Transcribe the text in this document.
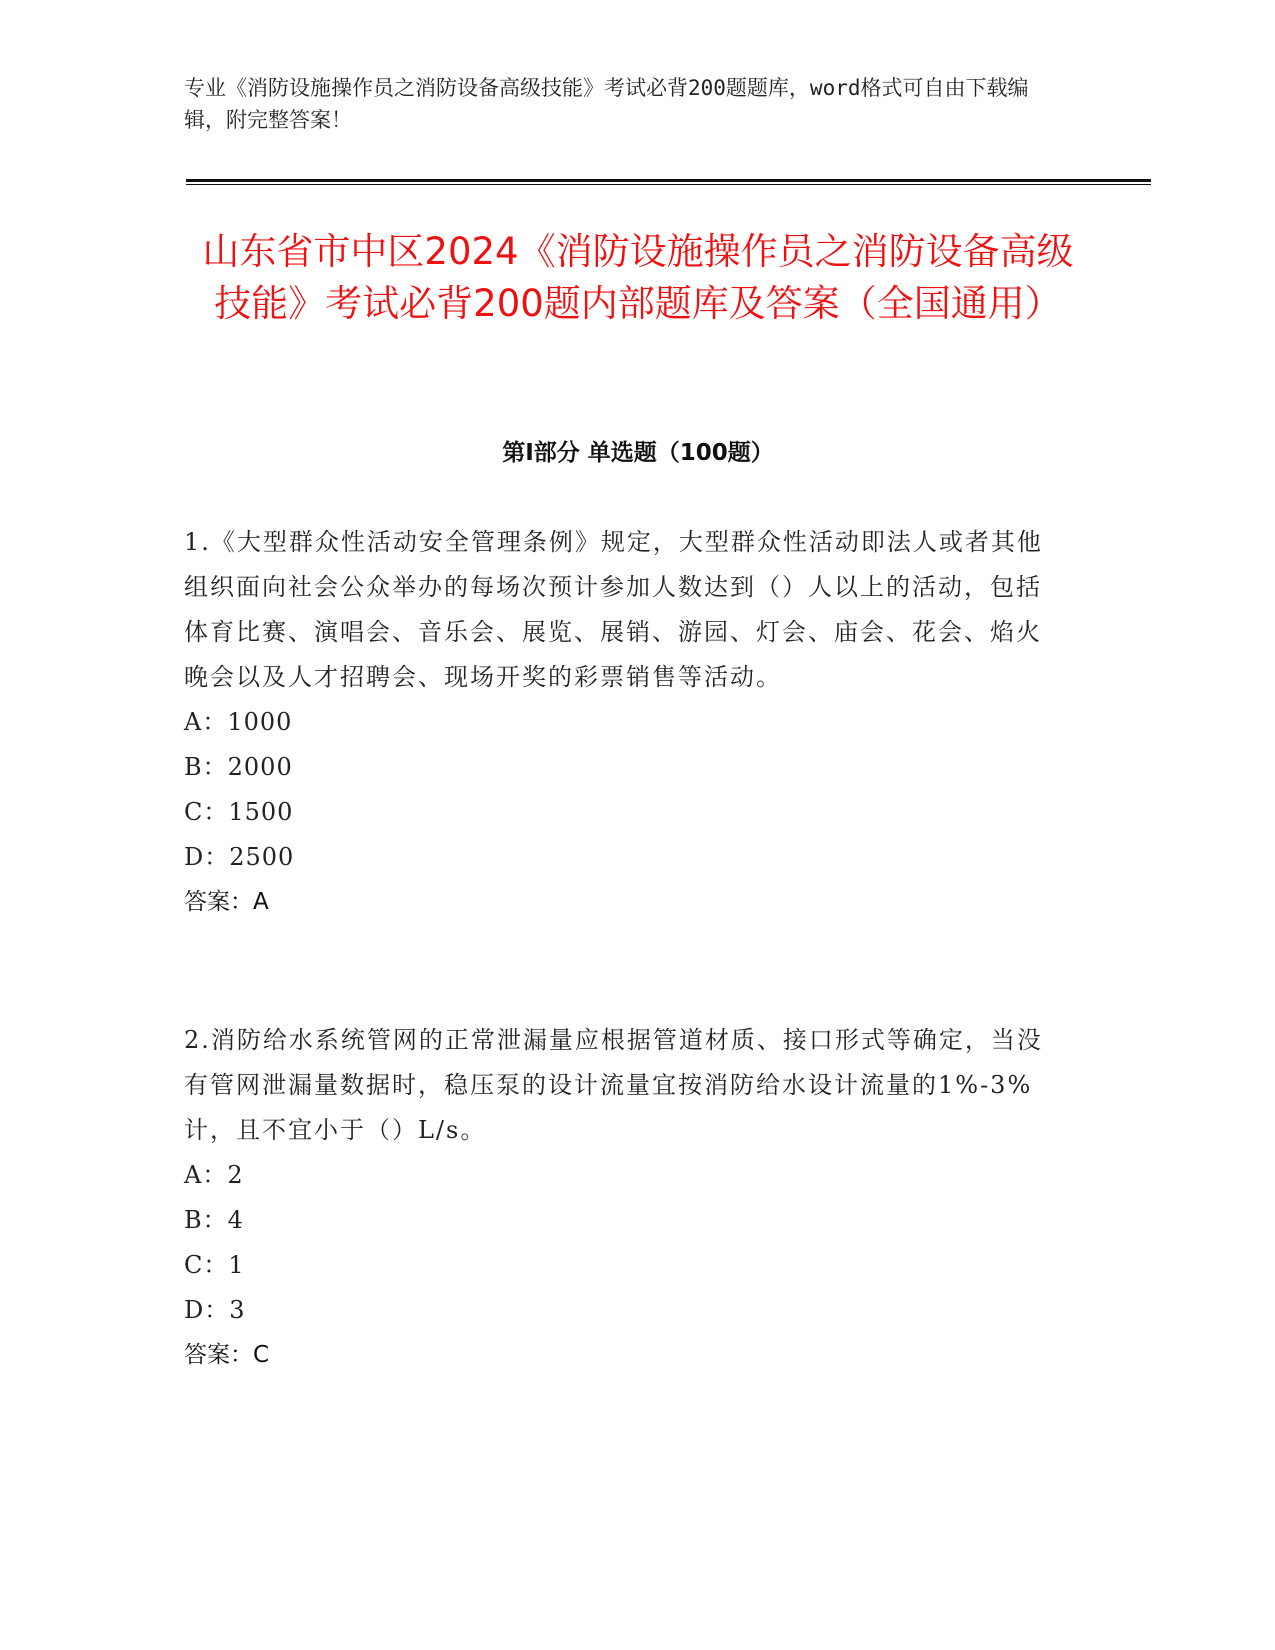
专业《消防设施操作员之消防设备高级技能》考试必背200题题库，word格式可自由下载编辑，附完整答案！
山东省市中区2024《消防设施操作员之消防设备高级技能》考试必背200题内部题库及答案（全国通用）
第Ⅰ部分 单选题（100题）

1.《大型群众性活动安全管理条例》规定，大型群众性活动即法人或者其他组织面向社会公众举办的每场次预计参加人数达到（）人以上的活动，包括体育比赛、演唱会、音乐会、展览、展销、游园、灯会、庙会、花会、焰火晚会以及人才招聘会、现场开奖的彩票销售等活动。

A：1000

B：2000

C：1500

D：2500

答案：A

2.消防给水系统管网的正常泄漏量应根据管道材质、接口形式等确定，当没有管网泄漏量数据时，稳压泵的设计流量宜按消防给水设计流量的1%-3%计，且不宜小于（）L/s。

A：2

B：4

C：1

D：3

答案：C
